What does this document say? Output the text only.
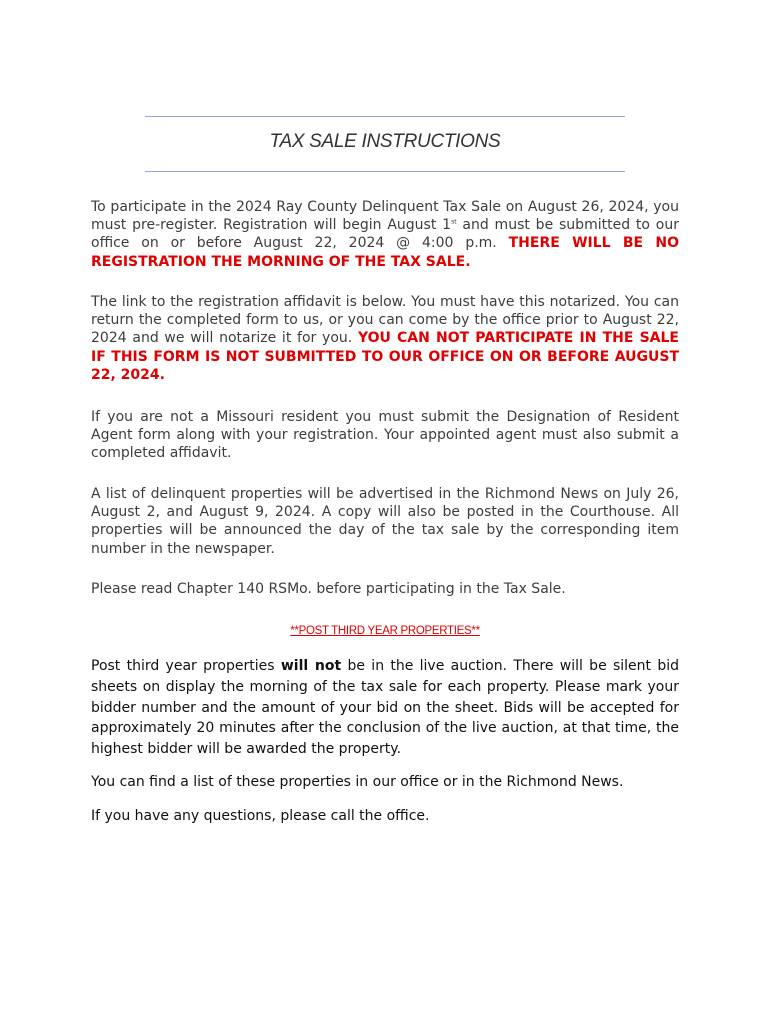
TAX SALE INSTRUCTIONS
To participate in the 2024 Ray County Delinquent Tax Sale on August 26, 2024, you must pre-register. Registration will begin August 1st and must be submitted to our office on or before August 22, 2024 @ 4:00 p.m. THERE WILL BE NO REGISTRATION THE MORNING OF THE TAX SALE.
The link to the registration affidavit is below. You must have this notarized. You can return the completed form to us, or you can come by the office prior to August 22, 2024 and we will notarize it for you. YOU CAN NOT PARTICIPATE IN THE SALE IF THIS FORM IS NOT SUBMITTED TO OUR OFFICE ON OR BEFORE AUGUST 22, 2024.
If you are not a Missouri resident you must submit the Designation of Resident Agent form along with your registration. Your appointed agent must also submit a completed affidavit.
A list of delinquent properties will be advertised in the Richmond News on July 26, August 2, and August 9, 2024. A copy will also be posted in the Courthouse. All properties will be announced the day of the tax sale by the corresponding item number in the newspaper.
Please read Chapter 140 RSMo. before participating in the Tax Sale.
**POST THIRD YEAR PROPERTIES**
Post third year properties will not be in the live auction. There will be silent bid sheets on display the morning of the tax sale for each property. Please mark your bidder number and the amount of your bid on the sheet. Bids will be accepted for approximately 20 minutes after the conclusion of the live auction, at that time, the highest bidder will be awarded the property.
You can find a list of these properties in our office or in the Richmond News.
If you have any questions, please call the office.
